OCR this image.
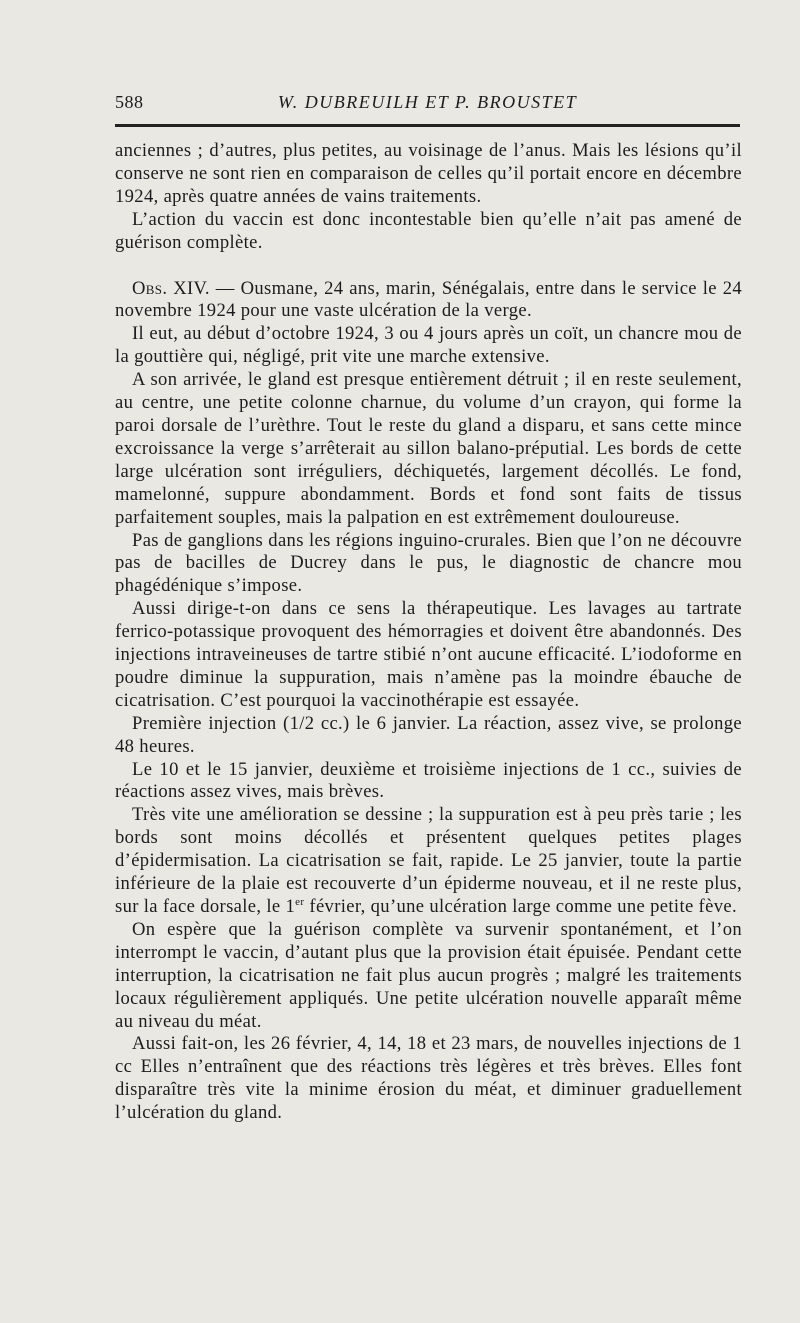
588	W. DUBREUILH ET P. BROUSTET

anciennes ; d’autres, plus petites, au voisinage de l’anus. Mais les lésions qu’il conserve ne sont rien en comparaison de celles qu’il portait encore en décembre 1924, après quatre années de vains traitements.

L’action du vaccin est donc incontestable bien qu’elle n’ait pas amené de guérison complète.

Obs. XIV. — Ousmane, 24 ans, marin, Sénégalais, entre dans le service le 24 novembre 1924 pour une vaste ulcération de la verge.

Il eut, au début d’octobre 1924, 3 ou 4 jours après un coït, un chancre mou de la gouttière qui, négligé, prit vite une marche extensive.

A son arrivée, le gland est presque entièrement détruit ; il en reste seulement, au centre, une petite colonne charnue, du volume d’un crayon, qui forme la paroi dorsale de l’urèthre. Tout le reste du gland a disparu, et sans cette mince excroissance la verge s’arrêterait au sillon balano-préputial. Les bords de cette large ulcération sont irréguliers, déchiquetés, largement décollés. Le fond, mamelonné, suppure abondamment. Bords et fond sont faits de tissus parfaitement souples, mais la palpation en est extrêmement douloureuse.

Pas de ganglions dans les régions inguino-crurales. Bien que l’on ne découvre pas de bacilles de Ducrey dans le pus, le diagnostic de chancre mou phagédénique s’impose.

Aussi dirige-t-on dans ce sens la thérapeutique. Les lavages au tartrate ferrico-potassique provoquent des hémorragies et doivent être abandonnés. Des injections intraveineuses de tartre stibié n’ont aucune efficacité. L’iodoforme en poudre diminue la suppuration, mais n’amène pas la moindre ébauche de cicatrisation. C’est pourquoi la vaccinothérapie est essayée.

Première injection (1/2 cc.) le 6 janvier. La réaction, assez vive, se prolonge 48 heures.

Le 10 et le 15 janvier, deuxième et troisième injections de 1 cc., suivies de réactions assez vives, mais brèves.

Très vite une amélioration se dessine ; la suppuration est à peu près tarie ; les bords sont moins décollés et présentent quelques petites plages d’épidermisation. La cicatrisation se fait, rapide. Le 25 janvier, toute la partie inférieure de la plaie est recouverte d’un épiderme nouveau, et il ne reste plus, sur la face dorsale, le 1er février, qu’une ulcération large comme une petite fève.

On espère que la guérison complète va survenir spontanément, et l’on interrompt le vaccin, d’autant plus que la provision était épuisée. Pendant cette interruption, la cicatrisation ne fait plus aucun progrès ; malgré les traitements locaux régulièrement appliqués. Une petite ulcération nouvelle apparaît même au niveau du méat.

Aussi fait-on, les 26 février, 4, 14, 18 et 23 mars, de nouvelles injections de 1 cc Elles n’entraînent que des réactions très légères et très brèves. Elles font disparaître très vite la minime érosion du méat, et diminuer graduellement l’ulcération du gland.
